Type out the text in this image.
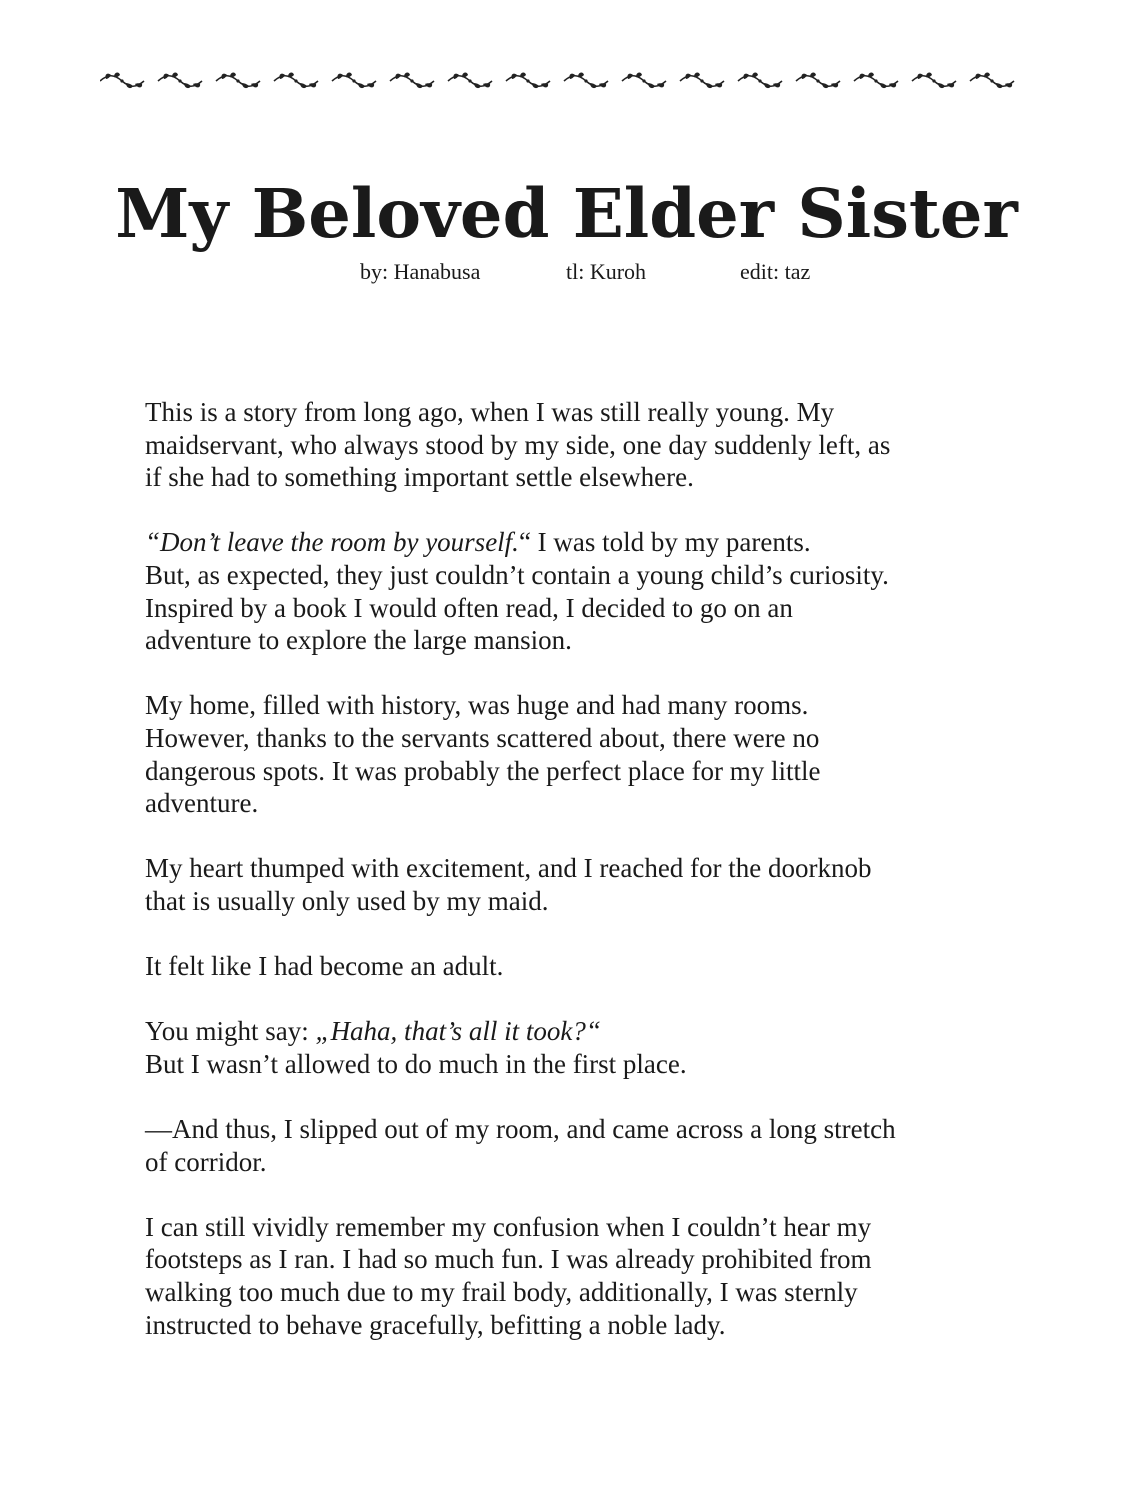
My Beloved Elder Sister
by: Hanabusa	tl: Kuroh	edit: taz

This is a story from long ago, when I was still really young. My
maidservant, who always stood by my side, one day suddenly left, as
if she had to something important settle elsewhere.

“Don’t leave the room by yourself.“ I was told by my parents.
But, as expected, they just couldn’t contain a young child’s curiosity.
Inspired by a book I would often read, I decided to go on an
adventure to explore the large mansion.

My home, filled with history, was huge and had many rooms.
However, thanks to the servants scattered about, there were no
dangerous spots. It was probably the perfect place for my little
adventure.

My heart thumped with excitement, and I reached for the doorknob
that is usually only used by my maid.

It felt like I had become an adult.

You might say: „Haha, that’s all it took?“
But I wasn’t allowed to do much in the first place.

—And thus, I slipped out of my room, and came across a long stretch
of corridor.

I can still vividly remember my confusion when I couldn’t hear my
footsteps as I ran. I had so much fun. I was already prohibited from
walking too much due to my frail body, additionally, I was sternly
instructed to behave gracefully, befitting a noble lady.
